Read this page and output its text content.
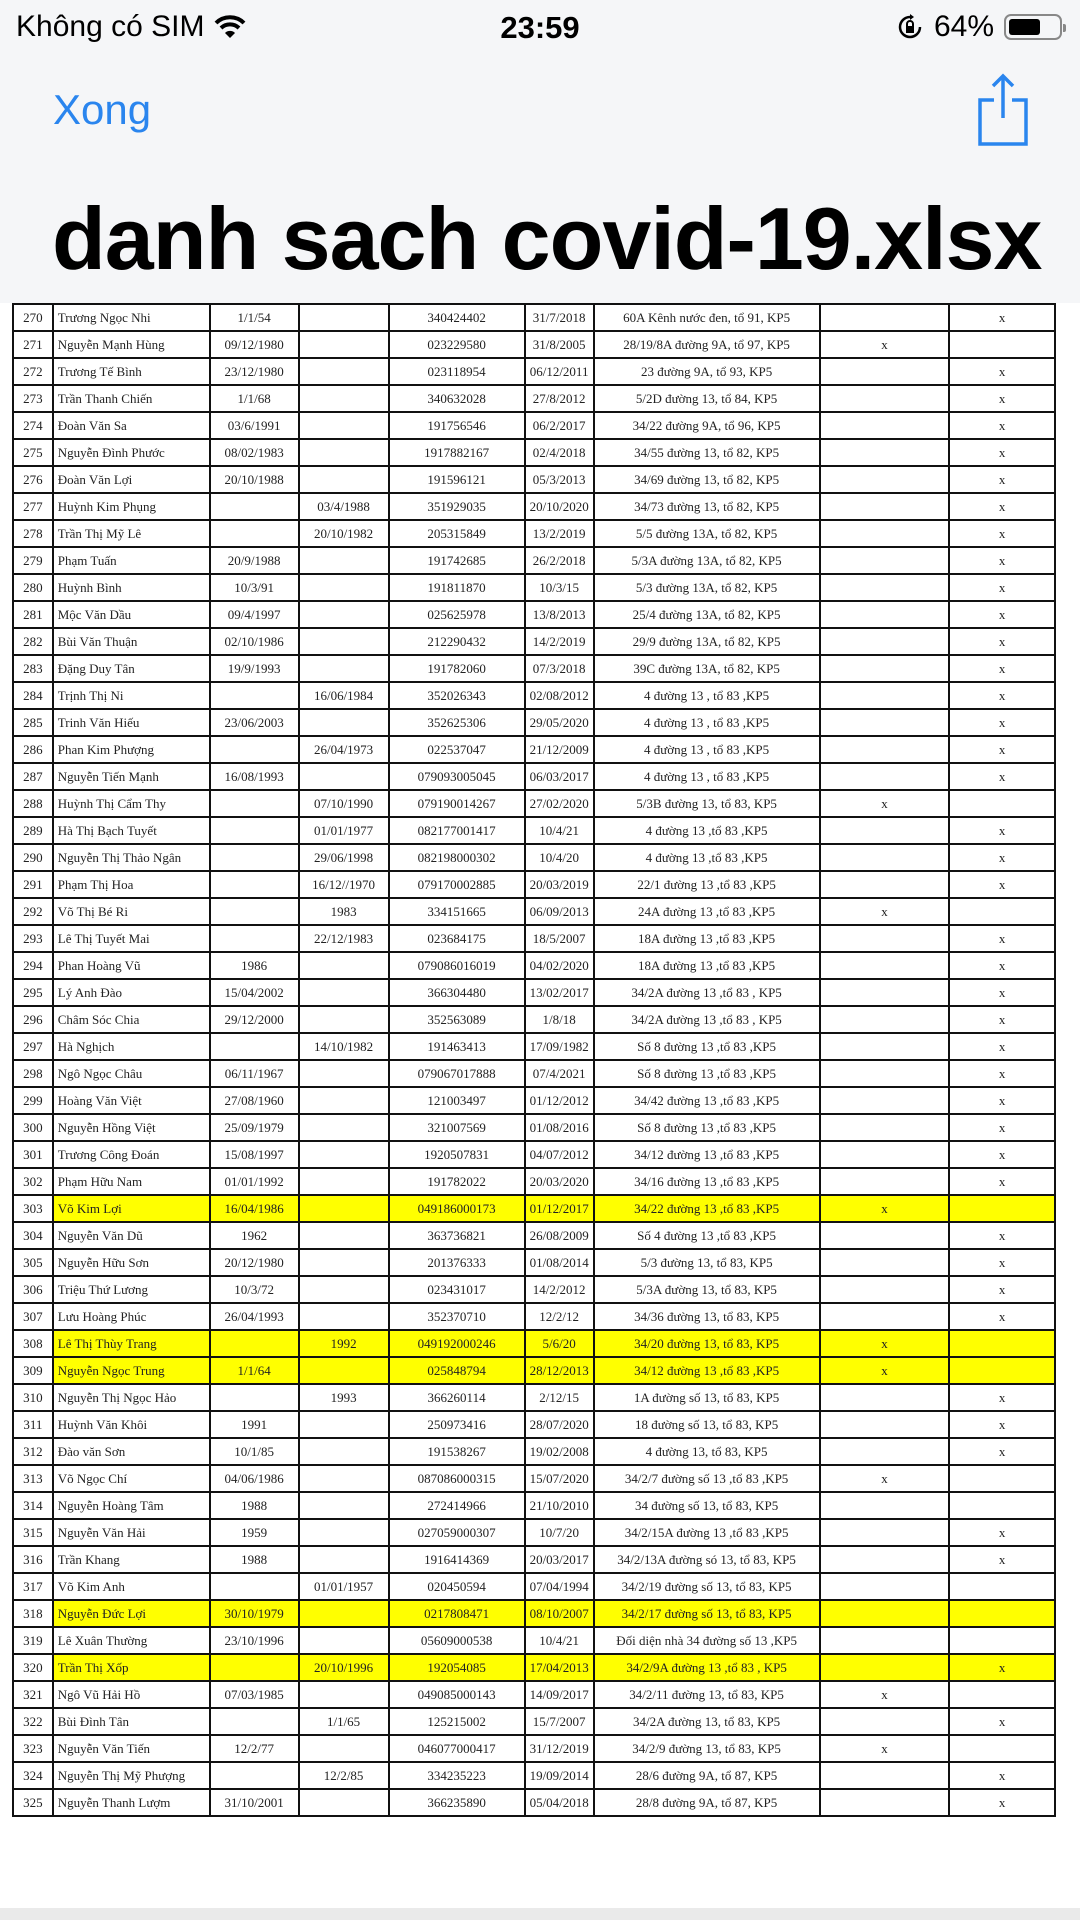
Không có SIM	23:59	64%
Xong
danh sach covid-19.xlsx
270	Trương Ngọc Nhi	1/1/54		340424402	31/7/2018	60A Kênh nước đen, tổ 91, KP5		x
271	Nguyễn Mạnh Hùng	09/12/1980		023229580	31/8/2005	28/19/8A đường 9A, tổ 97, KP5	x	
272	Trương Tế Bình	23/12/1980		023118954	06/12/2011	23 đường 9A, tổ 93, KP5		x
273	Trần Thanh Chiến	1/1/68		340632028	27/8/2012	5/2D đường 13, tổ 84, KP5		x
274	Đoàn Văn Sa	03/6/1991		191756546	06/2/2017	34/22 đường 9A, tổ 96, KP5		x
275	Nguyễn Đình Phước	08/02/1983		1917882167	02/4/2018	34/55 đường 13, tổ 82, KP5		x
276	Đoàn Văn Lợi	20/10/1988		191596121	05/3/2013	34/69 đường 13, tổ 82, KP5		x
277	Huỳnh Kim Phụng		03/4/1988	351929035	20/10/2020	34/73 đường 13, tổ 82, KP5		x
278	Trần Thị Mỹ Lê		20/10/1982	205315849	13/2/2019	5/5 đường 13A, tổ 82, KP5		x
279	Phạm Tuấn	20/9/1988		191742685	26/2/2018	5/3A đường 13A, tổ 82, KP5		x
280	Huỳnh Bình	10/3/91		191811870	10/3/15	5/3 đường 13A, tổ 82, KP5		x
281	Mộc Văn Dầu	09/4/1997		025625978	13/8/2013	25/4 đường 13A, tổ 82, KP5		x
282	Bùi Văn Thuận	02/10/1986		212290432	14/2/2019	29/9 đường 13A, tổ 82, KP5		x
283	Đặng Duy Tân	19/9/1993		191782060	07/3/2018	39C đường 13A, tổ 82, KP5		x
284	Trịnh Thị Ni		16/06/1984	352026343	02/08/2012	4 đường 13 , tổ 83 ,KP5		x
285	Trinh Văn Hiếu	23/06/2003		352625306	29/05/2020	4 đường 13 , tổ 83 ,KP5		x
286	Phan Kim Phượng		26/04/1973	022537047	21/12/2009	4 đường 13 , tổ 83 ,KP5		x
287	Nguyễn Tiến Mạnh	16/08/1993		079093005045	06/03/2017	4 đường 13 , tổ 83 ,KP5		x
288	Huỳnh Thị Cẩm Thy		07/10/1990	079190014267	27/02/2020	5/3B đường 13, tổ 83, KP5	x	
289	Hà Thị Bạch Tuyết		01/01/1977	082177001417	10/4/21	4 đường 13 ,tổ 83 ,KP5		x
290	Nguyễn Thị Thảo Ngân		29/06/1998	082198000302	10/4/20	4 đường 13 ,tổ 83 ,KP5		x
291	Phạm Thị Hoa		16/12//1970	079170002885	20/03/2019	22/1 đường 13 ,tổ 83 ,KP5		x
292	Võ Thị Bé Ri		1983	334151665	06/09/2013	24A đường 13 ,tổ 83 ,KP5	x	
293	Lê Thị Tuyết Mai		22/12/1983	023684175	18/5/2007	18A đường 13 ,tổ 83 ,KP5		x
294	Phan Hoàng Vũ	1986		079086016019	04/02/2020	18A đường 13 ,tổ 83 ,KP5		x
295	Lý Anh Đào	15/04/2002		366304480	13/02/2017	34/2A đường 13 ,tổ 83 , KP5		x
296	Châm Sóc Chia	29/12/2000		352563089	1/8/18	34/2A đường 13 ,tổ 83 , KP5		x
297	Hà Nghịch		14/10/1982	191463413	17/09/1982	Số 8 đường 13 ,tổ 83 ,KP5		x
298	Ngô Ngọc Châu	06/11/1967		079067017888	07/4/2021	Số 8 đường 13 ,tổ 83 ,KP5		x
299	Hoàng Văn Việt	27/08/1960		121003497	01/12/2012	34/42 đường 13 ,tổ 83 ,KP5		x
300	Nguyễn Hồng Việt	25/09/1979		321007569	01/08/2016	Số 8 đường 13 ,tổ 83 ,KP5		x
301	Trương Công Đoán	15/08/1997		1920507831	04/07/2012	34/12 đường 13 ,tổ 83 ,KP5		x
302	Phạm Hữu Nam	01/01/1992		191782022	20/03/2020	34/16 đường 13 ,tổ 83 ,KP5		x
303	Võ Kim Lợi	16/04/1986		049186000173	01/12/2017	34/22 đường 13 ,tổ 83 ,KP5	x	
304	Nguyễn Văn Dũ	1962		363736821	26/08/2009	Số 4 đường 13 ,tổ 83 ,KP5		x
305	Nguyễn Hữu Sơn	20/12/1980		201376333	01/08/2014	5/3 đường 13, tổ 83, KP5		x
306	Triệu Thứ Lương	10/3/72		023431017	14/2/2012	5/3A đường 13, tổ 83, KP5		x
307	Lưu Hoàng Phúc	26/04/1993		352370710	12/2/12	34/36 đường 13, tổ 83, KP5		x
308	Lê Thị Thùy Trang		1992	049192000246	5/6/20	34/20 đường 13, tổ 83, KP5	x	
309	Nguyễn Ngọc Trung	1/1/64		025848794	28/12/2013	34/12 đường 13 ,tổ 83 ,KP5	x	
310	Nguyễn Thị Ngọc Hảo		1993	366260114	2/12/15	1A đường số 13, tổ 83, KP5		x
311	Huỳnh Văn Khôi	1991		250973416	28/07/2020	18 đường số 13, tổ 83, KP5		x
312	Đào văn Sơn	10/1/85		191538267	19/02/2008	4 đường 13, tổ 83, KP5		x
313	Võ Ngọc Chí	04/06/1986		087086000315	15/07/2020	34/2/7 đường số 13 ,tổ 83 ,KP5	x	
314	Nguyễn Hoàng Tâm	1988		272414966	21/10/2010	34 đường số 13, tổ 83, KP5		
315	Nguyễn Văn Hải	1959		027059000307	10/7/20	34/2/15A đường 13 ,tổ 83 ,KP5		x
316	Trần Khang	1988		1916414369	20/03/2017	34/2/13A đường só 13, tổ 83, KP5		x
317	Võ Kim Anh		01/01/1957	020450594	07/04/1994	34/2/19 đường số 13, tổ 83, KP5		
318	Nguyễn Đức Lợi	30/10/1979		0217808471	08/10/2007	34/2/17 đường số 13, tổ 83, KP5		
319	Lê Xuân Thường	23/10/1996		05609000538	10/4/21	Đối diện nhà 34 đường số 13 ,KP5		
320	Trần Thị Xốp		20/10/1996	192054085	17/04/2013	34/2/9A đường 13 ,tổ 83 , KP5		x
321	Ngô Vũ Hải Hồ	07/03/1985		049085000143	14/09/2017	34/2/11 đường 13, tổ 83, KP5	x	
322	Bùi Đình Tân		1/1/65	125215002	15/7/2007	34/2A đường 13, tổ 83, KP5		x
323	Nguyễn Văn Tiến	12/2/77		046077000417	31/12/2019	34/2/9 đường 13, tổ 83, KP5	x	
324	Nguyễn Thị Mỹ Phượng		12/2/85	334235223	19/09/2014	28/6 đường 9A, tổ 87, KP5		x
325	Nguyễn Thanh Lượm	31/10/2001		366235890	05/04/2018	28/8 đường 9A, tổ 87, KP5		x
